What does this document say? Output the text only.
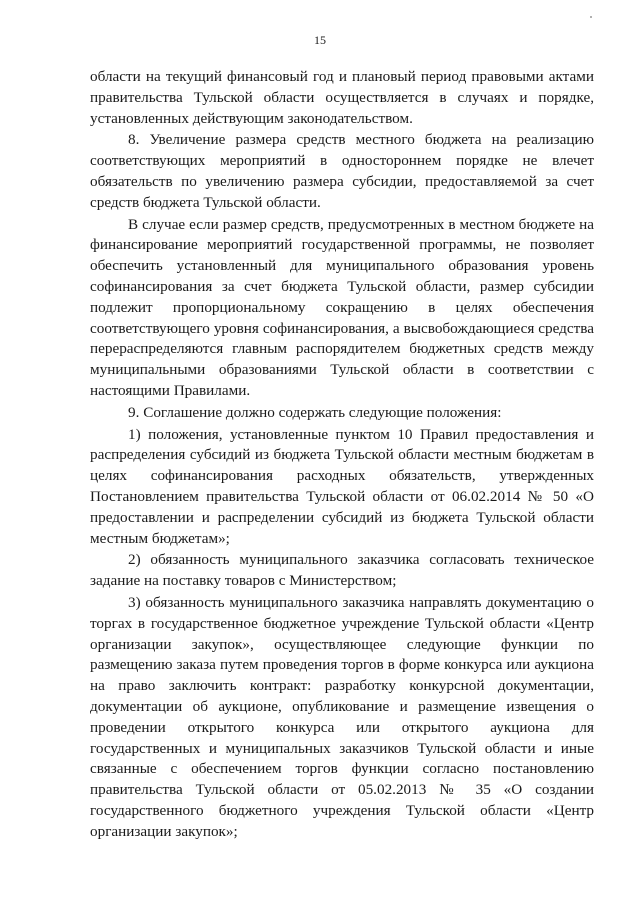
15

области на текущий финансовый год и плановый период правовыми актами правительства Тульской области осуществляется в случаях и порядке, установленных действующим законодательством.

8. Увеличение размера средств местного бюджета на реализацию соответствующих мероприятий в одностороннем порядке не влечет обязательств по увеличению размера субсидии, предоставляемой за счет средств бюджета Тульской области.

В случае если размер средств, предусмотренных в местном бюджете на финансирование мероприятий государственной программы, не позволяет обеспечить установленный для муниципального образования уровень софинансирования за счет бюджета Тульской области, размер субсидии подлежит пропорциональному сокращению в целях обеспечения соответствующего уровня софинансирования, а высвобождающиеся средства перераспределяются главным распорядителем бюджетных средств между муниципальными образованиями Тульской области в соответствии с настоящими Правилами.

9. Соглашение должно содержать следующие положения:

1) положения, установленные пунктом 10 Правил предоставления и распределения субсидий из бюджета Тульской области местным бюджетам в целях софинансирования расходных обязательств, утвержденных Постановлением правительства Тульской области от 06.02.2014 № 50 «О предоставлении и распределении субсидий из бюджета Тульской области местным бюджетам»;

2) обязанность муниципального заказчика согласовать техническое задание на поставку товаров с Министерством;

3) обязанность муниципального заказчика направлять документацию о торгах в государственное бюджетное учреждение Тульской области «Центр организации закупок», осуществляющее следующие функции по размещению заказа путем проведения торгов в форме конкурса или аукциона на право заключить контракт: разработку конкурсной документации, документации об аукционе, опубликование и размещение извещения о проведении открытого конкурса или открытого аукциона для государственных и муниципальных заказчиков Тульской области и иные связанные с обеспечением торгов функции согласно постановлению правительства Тульской области от 05.02.2013 № 35 «О создании государственного бюджетного учреждения Тульской области «Центр организации закупок»;
